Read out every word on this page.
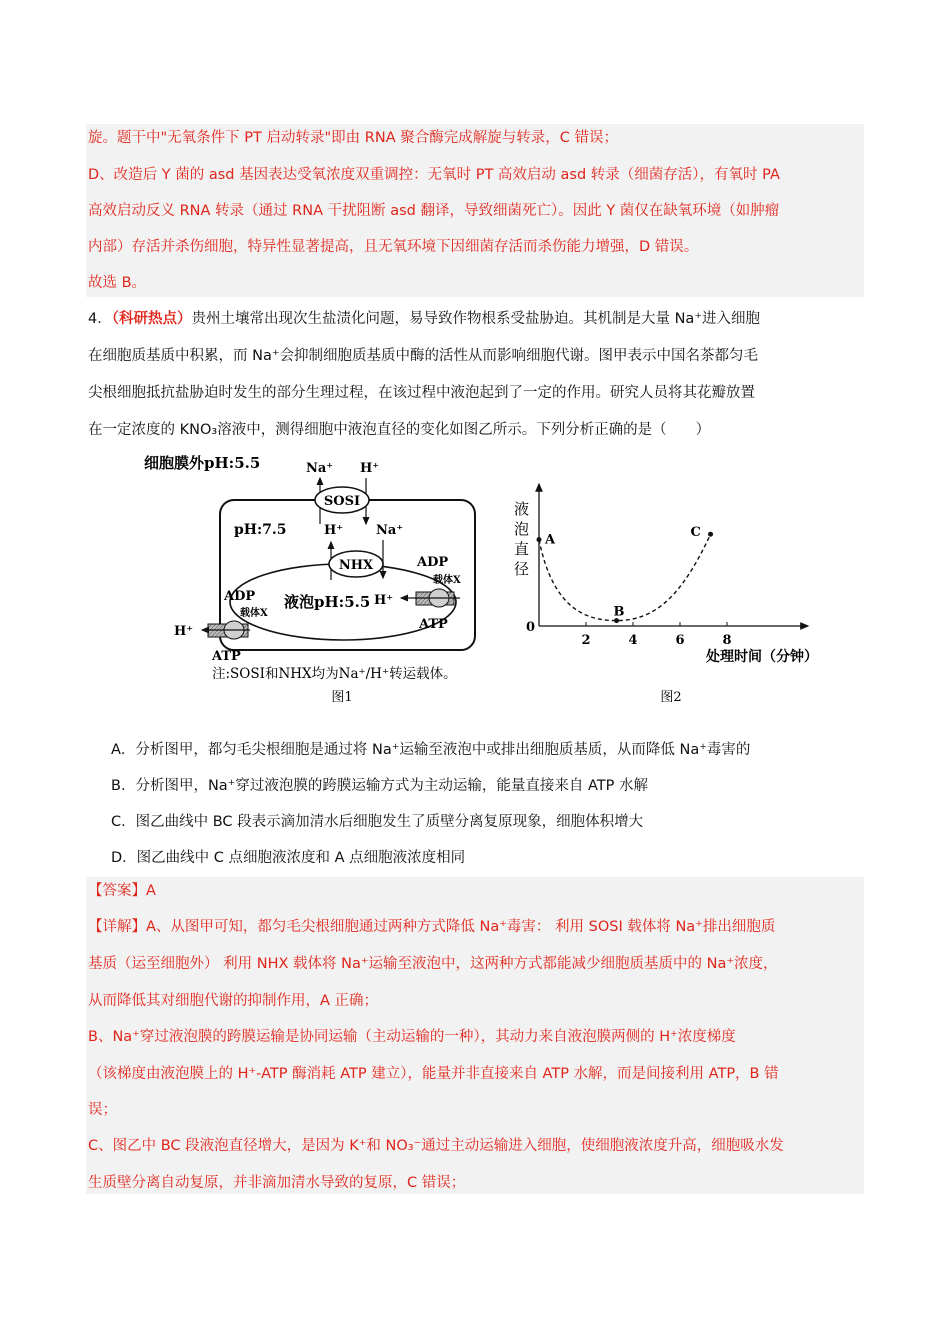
旋。题干中"无氧条件下 PT 启动转录"即由 RNA 聚合酶完成解旋与转录，C 错误；
D、改造后 Y 菌的 asd 基因表达受氧浓度双重调控：无氧时 PT 高效启动 asd 转录（细菌存活），有氧时 PA
高效启动反义 RNA 转录（通过 RNA 干扰阻断 asd 翻译，导致细菌死亡）。因此 Y 菌仅在缺氧环境（如肿瘤
内部）存活并杀伤细胞，特异性显著提高，且无氧环境下因细菌存活而杀伤能力增强，D 错误。
故选 B。
4．（科研热点）贵州土壤常出现次生盐渍化问题，易导致作物根系受盐胁迫。其机制是大量 Na⁺进入细胞
在细胞质基质中积累，而 Na⁺会抑制细胞质基质中酶的活性从而影响细胞代谢。图甲表示中国名茶都匀毛
尖根细胞抵抗盐胁迫时发生的部分生理过程，在该过程中液泡起到了一定的作用。研究人员将其花瓣放置
在一定浓度的 KNO₃溶液中，测得细胞中液泡直径的变化如图乙所示。下列分析正确的是（　　）
细胞膜外pH:5.5	Na⁺ H⁺
SOSI
pH:7.5
液泡pH:5.5
H⁺	Na⁺
NHX	ADP
载体X
H⁺
ATP
ADP
载体X
H⁺
ATP
注:SOSI和NHX均为Na⁺/H⁺转运载体。
图1
液
泡
直
径
0
2	4	6	8
A
B
C
处理时间（分钟）
图2
A．分析图甲，都匀毛尖根细胞是通过将 Na⁺运输至液泡中或排出细胞质基质，从而降低 Na⁺毒害的
B．分析图甲，Na⁺穿过液泡膜的跨膜运输方式为主动运输，能量直接来自 ATP 水解
C．图乙曲线中 BC 段表示滴加清水后细胞发生了质壁分离复原现象，细胞体积增大
D．图乙曲线中 C 点细胞液浓度和 A 点细胞液浓度相同
【答案】A
【详解】A、从图甲可知，都匀毛尖根细胞通过两种方式降低 Na⁺毒害： 利用 SOSI 载体将 Na⁺排出细胞质
基质（运至细胞外） 利用 NHX 载体将 Na⁺运输至液泡中，这两种方式都能减少细胞质基质中的 Na⁺浓度，
从而降低其对细胞代谢的抑制作用，A 正确；
B、Na⁺穿过液泡膜的跨膜运输是协同运输（主动运输的一种），其动力来自液泡膜两侧的 H⁺浓度梯度
（该梯度由液泡膜上的 H⁺-ATP 酶消耗 ATP 建立），能量并非直接来自 ATP 水解，而是间接利用 ATP，B 错
误；
C、图乙中 BC 段液泡直径增大，是因为 K⁺和 NO₃⁻通过主动运输进入细胞，使细胞液浓度升高，细胞吸水发
生质壁分离自动复原，并非滴加清水导致的复原，C 错误；
